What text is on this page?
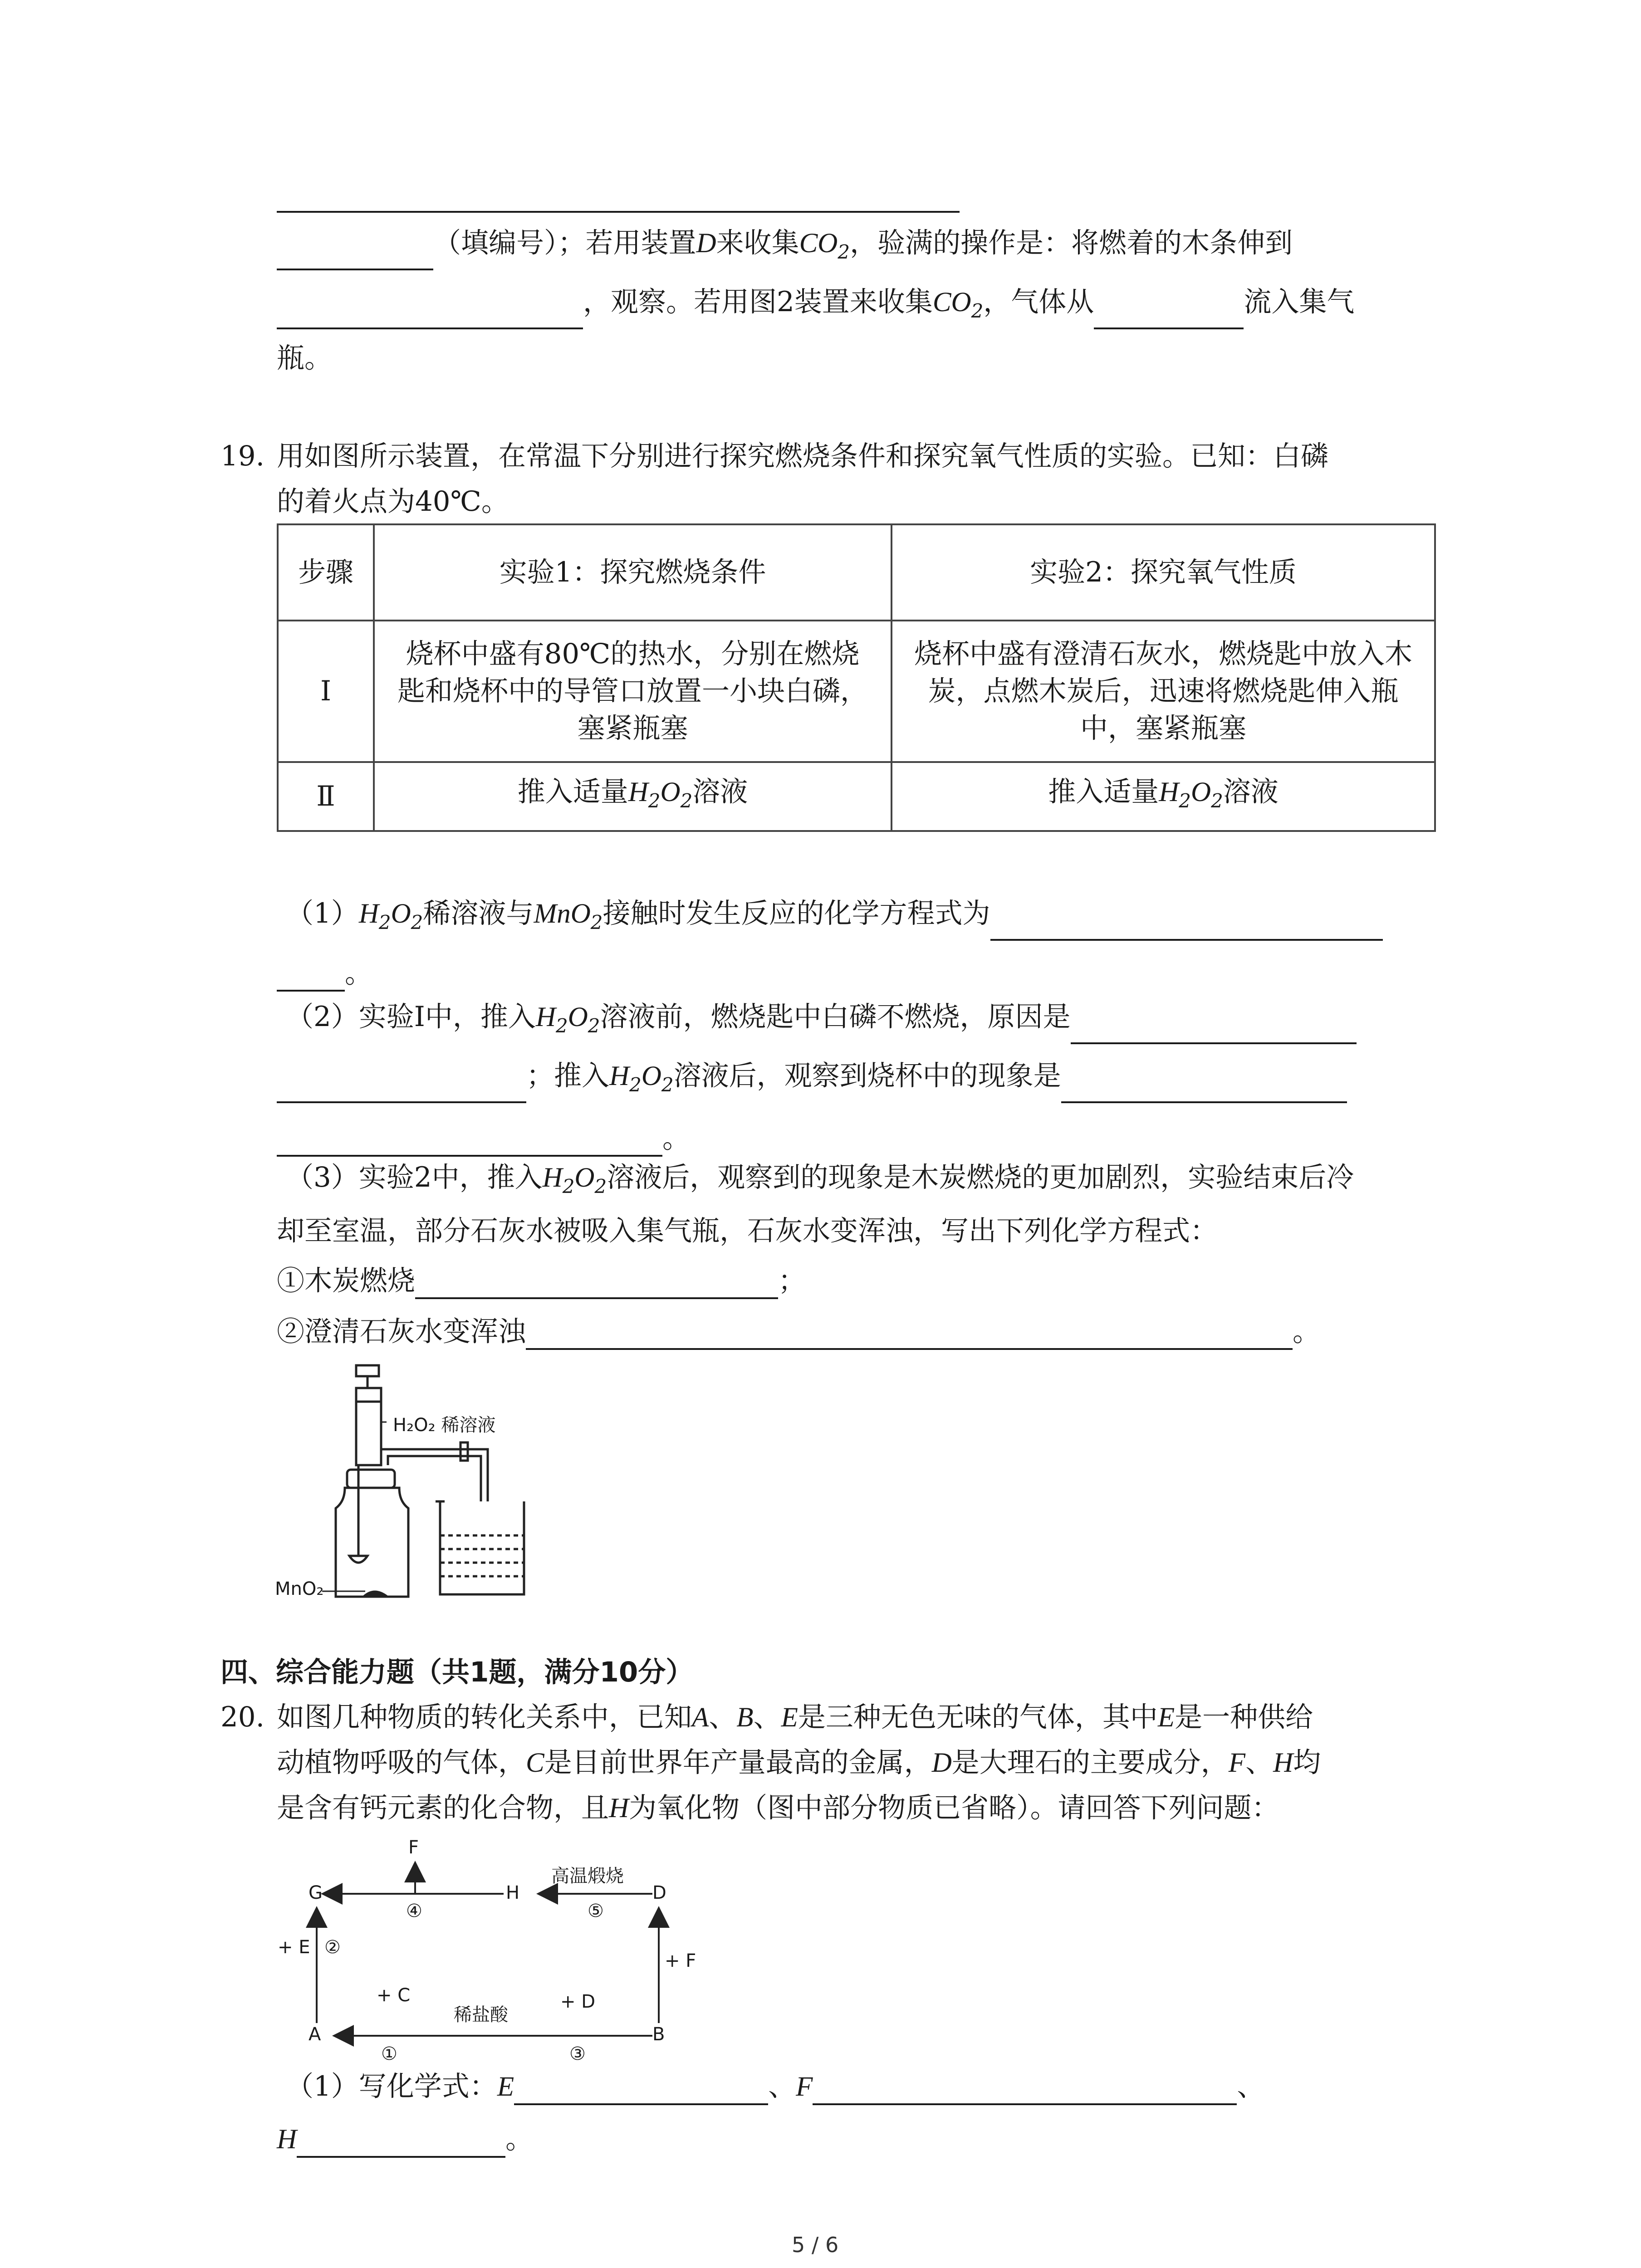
（填编号）；若用装置D来收集$CO_2$，验满的操作是：将燃着的木条伸到
，观察。若用图2装置来收集$CO_2$，气体从	流入集气
瓶。
19. 用如图所示装置，在常温下分别进行探究燃烧条件和探究氧气性质的实验。已知：白磷
的着火点为40℃。
步骤	实验1：探究燃烧条件	实验2：探究氧气性质
Ⅰ	烧杯中盛有80℃的热水，分别在燃烧匙和烧杯中的导管口放置一小块白磷，塞紧瓶塞	烧杯中盛有澄清石灰水，燃烧匙中放入木炭，点燃木炭后，迅速将燃烧匙伸入瓶中，塞紧瓶塞
Ⅱ	推入适量$H_2O_2$溶液	推入适量$H_2O_2$溶液
$(1)H_2O_2$稀溶液与MnO$_2$接触时发生反应的化学方程式为
。
（2）实验Ⅰ中，推入$H_2O_2$溶液前，燃烧匙中白磷不燃烧，原因是
；推入$H_2O_2$溶液后，观察到烧杯中的现象是
。
（3）实验2中，推入$H_2O_2$溶液后，观察到的现象是木炭燃烧的更加剧烈，实验结束后冷
却至室温，部分石灰水被吸入集气瓶，石灰水变浑浊，写出下列化学方程式：
①木炭燃烧	；
②澄清石灰水变浑浊	。
H₂O₂ 稀溶液
MnO₂
四、综合能力题（共1题，满分10分）
20. 如图几种物质的转化关系中，已知A、B、E是三种无色无味的气体，其中E是一种供给
动植物呼吸的气体，C是目前世界年产量最高的金属，D是大理石的主要成分，F、H均
是含有钙元素的化合物，且H为氧化物（图中部分物质已省略）。请回答下列问题：
F
G
④
H
高温煅烧
⑤
D
+ E ②
+ F
A
+ C
①
稀盐酸
+ D
③
B
（1）写化学式：E	、F	、
H	。
5 / 6
